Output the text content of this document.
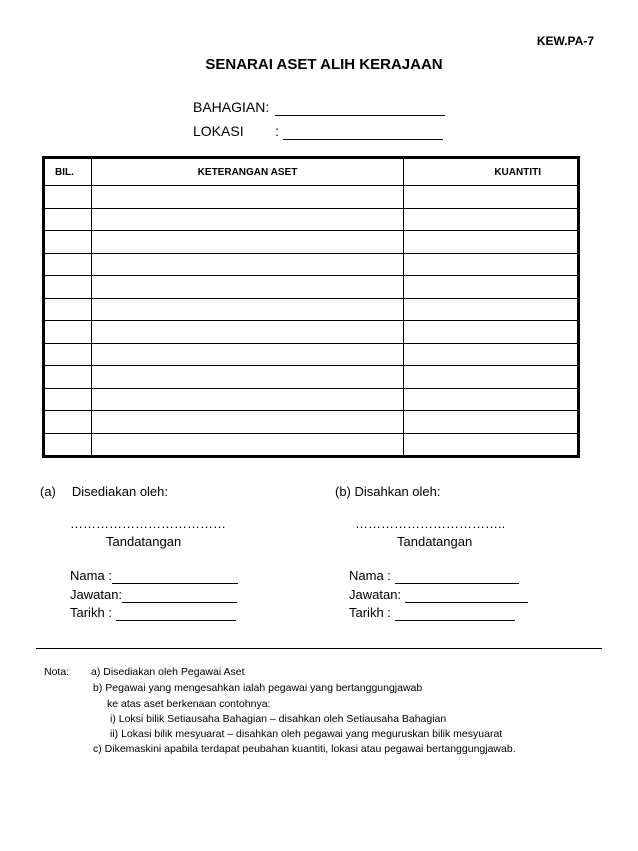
KEW.PA-7
SENARAI ASET ALIH KERAJAAN
BAHAGIAN:
LOKASI :
BIL.	KETERANGAN ASET	KUANTITI

(a) Disediakan oleh:
………………………………
Tandatangan
Nama :
Jawatan:
Tarikh :
(b) Disahkan oleh:
……………………………..
Tandatangan
Nama :
Jawatan:
Tarikh :
Nota: a) Disediakan oleh Pegawai Aset
b) Pegawai yang mengesahkan ialah pegawai yang bertanggungjawab
ke atas aset berkenaan contohnya:
i) Loksi bilik Setiausaha Bahagian – disahkan oleh Setiausaha Bahagian
ii) Lokasi bilik mesyuarat – disahkan oleh pegawai yang meguruskan bilik mesyuarat
c) Dikemaskini apabila terdapat peubahan kuantiti, lokasi atau pegawai bertanggungjawab.
